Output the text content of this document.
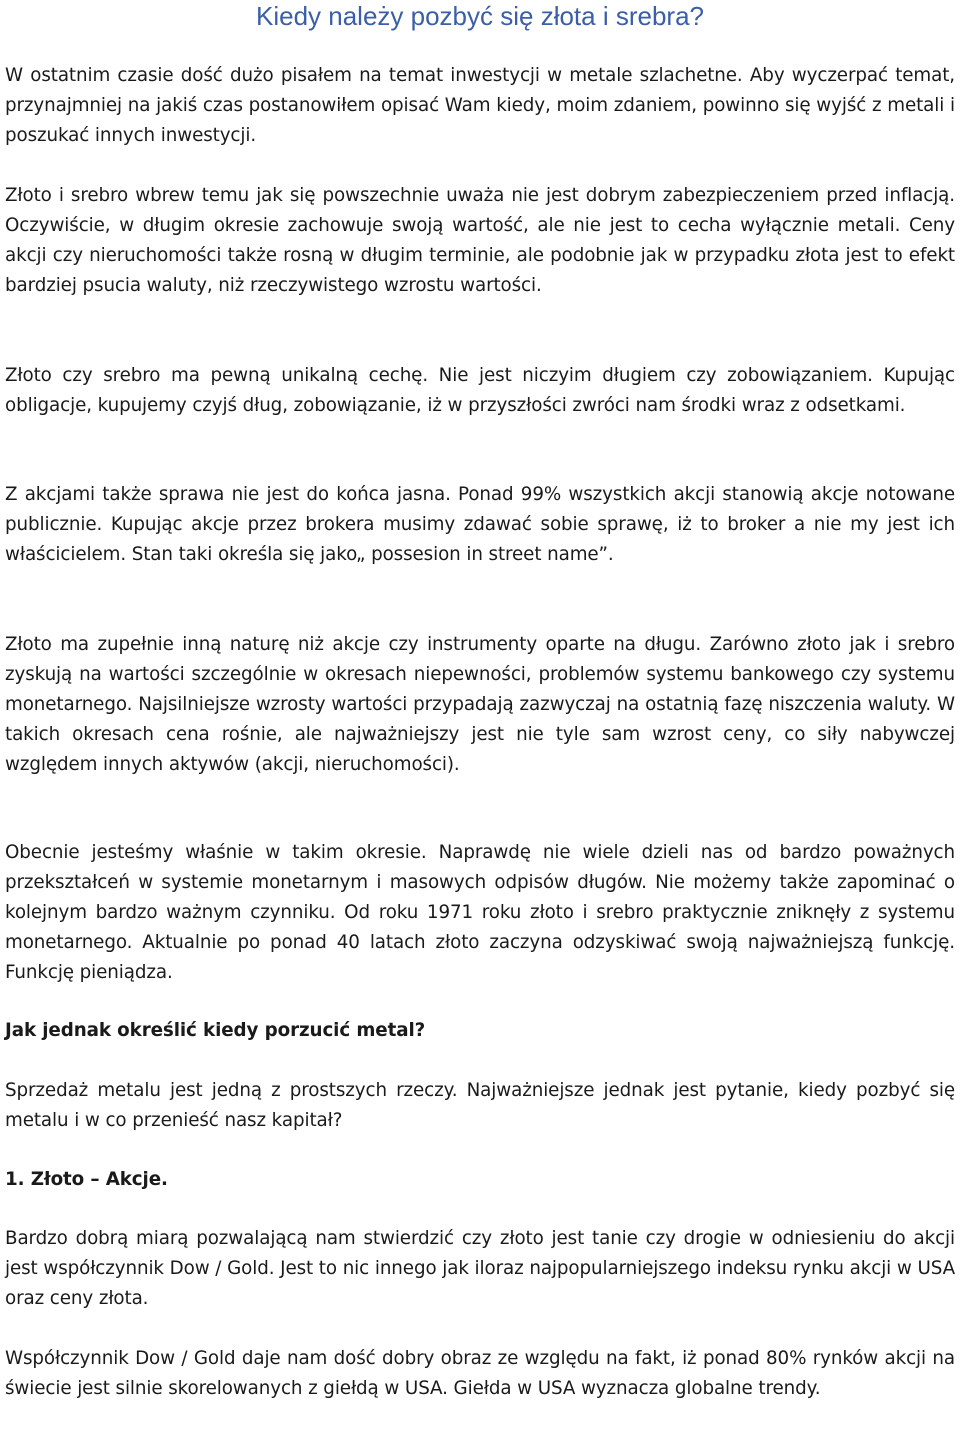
Kiedy należy pozbyć się złota i srebra?

W ostatnim czasie dość dużo pisałem na temat inwestycji w metale szlachetne. Aby wyczerpać temat, przynajmniej na jakiś czas postanowiłem opisać Wam kiedy, moim zdaniem, powinno się wyjść z metali i poszukać innych inwestycji.

Złoto i srebro wbrew temu jak się powszechnie uważa nie jest dobrym zabezpieczeniem przed inflacją. Oczywiście, w długim okresie zachowuje swoją wartość, ale nie jest to cecha wyłącznie metali. Ceny akcji czy nieruchomości także rosną w długim terminie, ale podobnie jak w przypadku złota jest to efekt bardziej psucia waluty, niż rzeczywistego wzrostu wartości.

Złoto czy srebro ma pewną unikalną cechę. Nie jest niczyim długiem czy zobowiązaniem. Kupując obligacje, kupujemy czyjś dług, zobowiązanie, iż w przyszłości zwróci nam środki wraz z odsetkami.

Z akcjami także sprawa nie jest do końca jasna. Ponad 99% wszystkich akcji stanowią akcje notowane publicznie. Kupując akcje przez brokera musimy zdawać sobie sprawę, iż to broker a nie my jest ich właścicielem. Stan taki określa się jako„ possesion in street name”.

Złoto ma zupełnie inną naturę niż akcje czy instrumenty oparte na długu. Zarówno złoto jak i srebro zyskują na wartości szczególnie w okresach niepewności, problemów systemu bankowego czy systemu monetarnego. Najsilniejsze wzrosty wartości przypadają zazwyczaj na ostatnią fazę niszczenia waluty. W takich okresach cena rośnie, ale najważniejszy jest nie tyle sam wzrost ceny, co siły nabywczej względem innych aktywów (akcji, nieruchomości).

Obecnie jesteśmy właśnie w takim okresie. Naprawdę nie wiele dzieli nas od bardzo poważnych przekształceń w systemie monetarnym i masowych odpisów długów. Nie możemy także zapominać o kolejnym bardzo ważnym czynniku. Od roku 1971 roku złoto i srebro praktycznie zniknęły z systemu monetarnego. Aktualnie po ponad 40 latach złoto zaczyna odzyskiwać swoją najważniejszą funkcję. Funkcję pieniądza.

Jak jednak określić kiedy porzucić metal?

Sprzedaż metalu jest jedną z prostszych rzeczy. Najważniejsze jednak jest pytanie, kiedy pozbyć się metalu i w co przenieść nasz kapitał?

1. Złoto – Akcje.

Bardzo dobrą miarą pozwalającą nam stwierdzić czy złoto jest tanie czy drogie w odniesieniu do akcji jest współczynnik Dow / Gold. Jest to nic innego jak iloraz najpopularniejszego indeksu rynku akcji w USA oraz ceny złota.

Współczynnik Dow / Gold daje nam dość dobry obraz ze względu na fakt, iż ponad 80% rynków akcji na świecie jest silnie skorelowanych z giełdą w USA. Giełda w USA wyznacza globalne trendy.
